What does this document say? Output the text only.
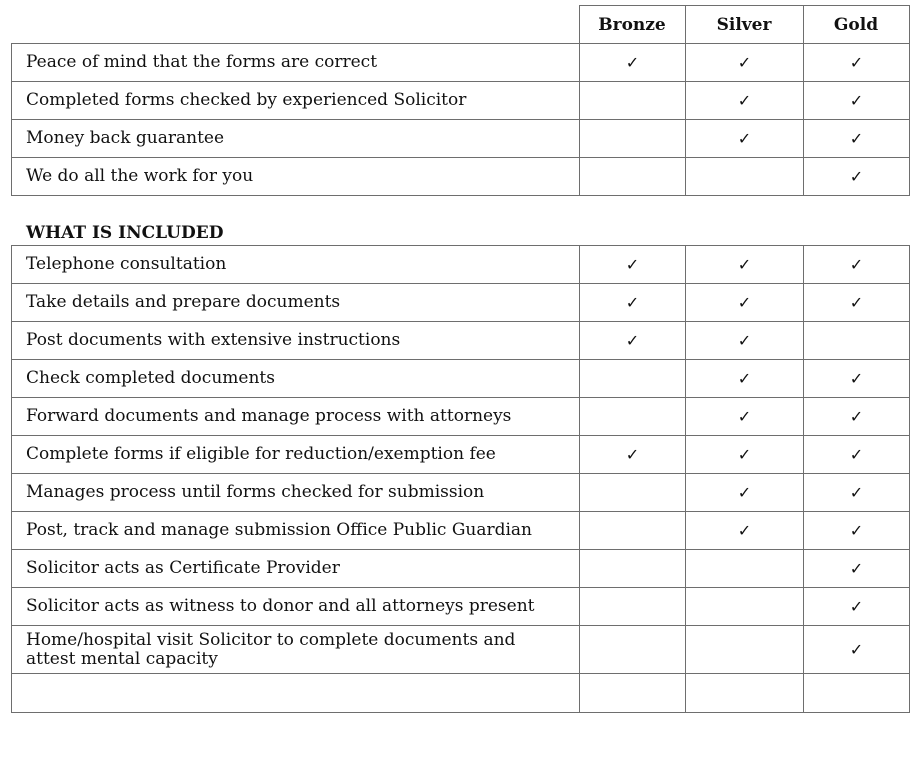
	Bronze	Silver	Gold
Peace of mind that the forms are correct	✓	✓	✓
Completed forms checked by experienced Solicitor		✓	✓
Money back guarantee		✓	✓
We do all the work for you			✓
WHAT IS INCLUDED
Telephone consultation	✓	✓	✓
Take details and prepare documents	✓	✓	✓
Post documents with extensive instructions	✓	✓	
Check completed documents		✓	✓
Forward documents and manage process with attorneys		✓	✓
Complete forms if eligible for reduction/exemption fee	✓	✓	✓
Manages process until forms checked for submission		✓	✓
Post, track and manage submission Office Public Guardian		✓	✓
Solicitor acts as Certificate Provider			✓
Solicitor acts as witness to donor and all attorneys present			✓
Home/hospital visit Solicitor to complete documents and
attest mental capacity			✓
